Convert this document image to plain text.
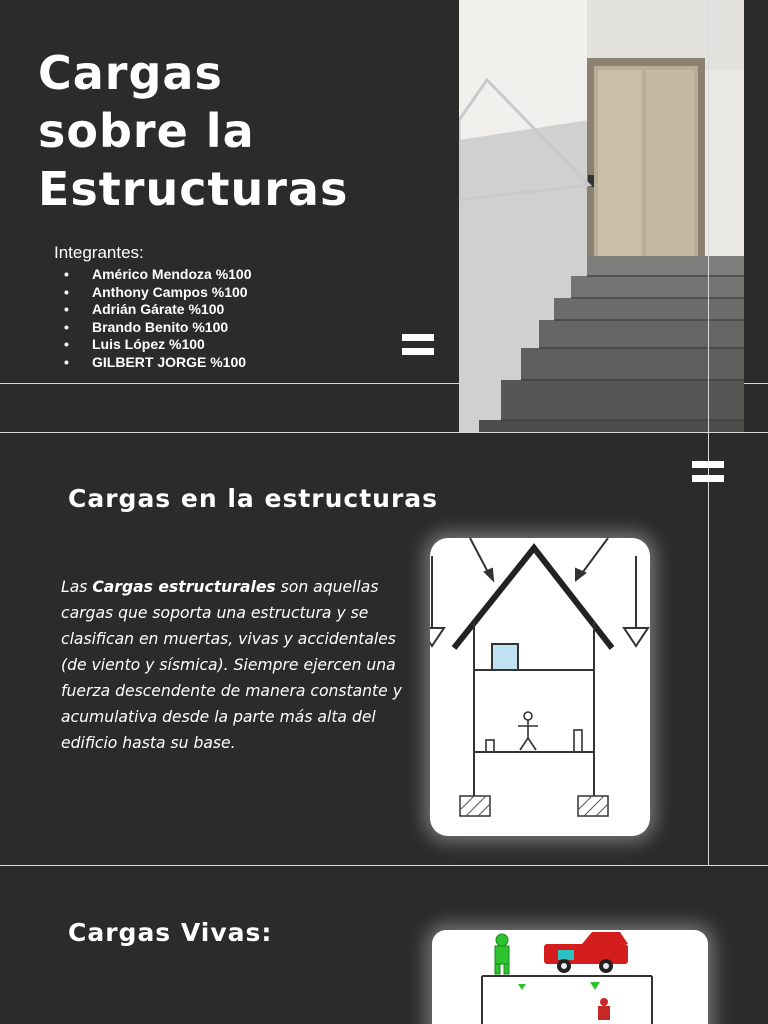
Cargas
sobre la
Estructuras
Integrantes:
• Américo Mendoza %100
• Anthony Campos %100
• Adrián Gárate %100
• Brando Benito %100
• Luis López %100
• GILBERT JORGE %100
Cargas en la estructuras

Las Cargas estructurales son aquellas cargas que soporta una estructura y se clasifican en muertas, vivas y accidentales (de viento y sísmica). Siempre ejercen una fuerza descendente de manera constante y acumulativa desde la parte más alta del edificio hasta su base.

Cargas Vivas:
